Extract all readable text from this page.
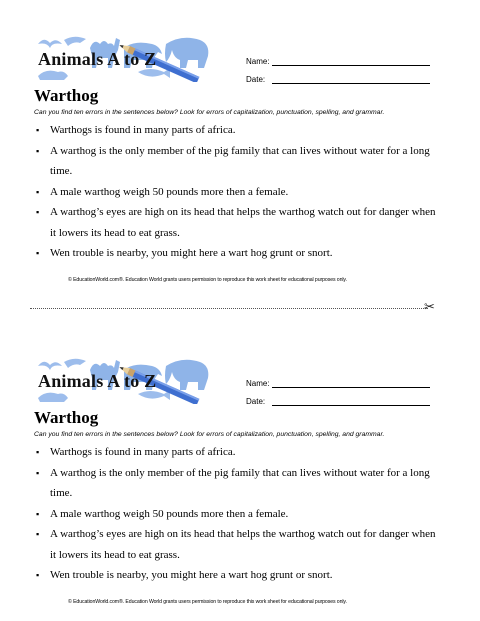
Animals A to Z	Name:
Date:
Warthog
Can you find ten errors in the sentences below? Look for errors of capitalization, punctuation, spelling, and grammar.
▪ Warthogs is found in many parts of africa.
▪ A warthog is the only member of the pig family that can lives without water for a long time.
▪ A male warthog weigh 50 pounds more then a female.
▪ A warthog’s eyes are high on its head that helps the warthog watch out for danger when it lowers its head to eat grass.
▪ Wen trouble is nearby, you might here a wart hog grunt or snort.
© EducationWorld.com®. Education World grants users permission to reproduce this work sheet for educational purposes only.
✂
Animals A to Z	Name:
Date:
Warthog
Can you find ten errors in the sentences below? Look for errors of capitalization, punctuation, spelling, and grammar.
▪ Warthogs is found in many parts of africa.
▪ A warthog is the only member of the pig family that can lives without water for a long time.
▪ A male warthog weigh 50 pounds more then a female.
▪ A warthog’s eyes are high on its head that helps the warthog watch out for danger when it lowers its head to eat grass.
▪ Wen trouble is nearby, you might here a wart hog grunt or snort.
© EducationWorld.com®. Education World grants users permission to reproduce this work sheet for educational purposes only.
